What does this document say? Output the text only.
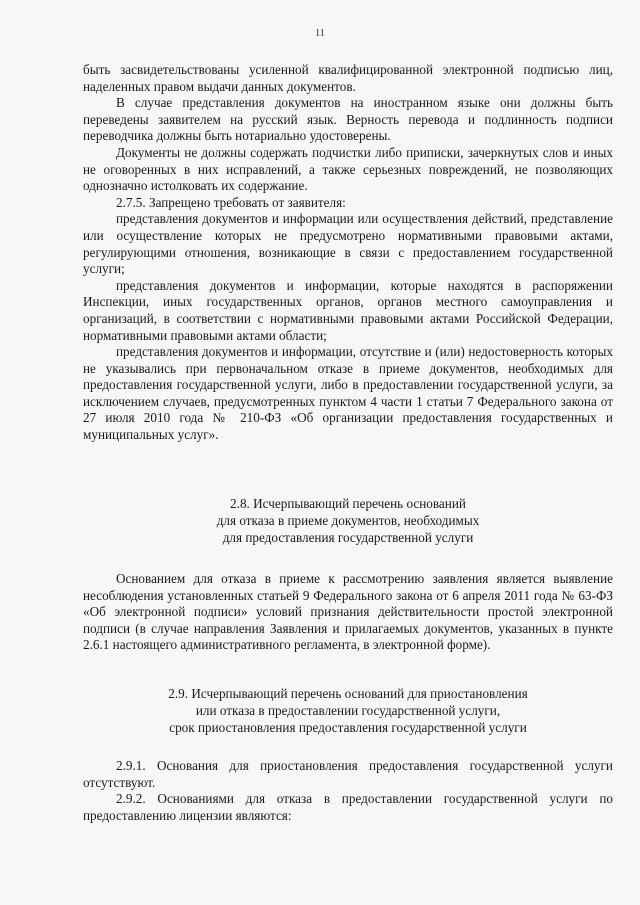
11

быть засвидетельствованы усиленной квалифицированной электронной подписью лиц, наделенных правом выдачи данных документов.

В случае представления документов на иностранном языке они должны быть переведены заявителем на русский язык. Верность перевода и подлинность подписи переводчика должны быть нотариально удостоверены.

Документы не должны содержать подчистки либо приписки, зачеркнутых слов и иных не оговоренных в них исправлений, а также серьезных повреждений, не позволяющих однозначно истолковать их содержание.

2.7.5. Запрещено требовать от заявителя:

представления документов и информации или осуществления действий, представление или осуществление которых не предусмотрено нормативными правовыми актами, регулирующими отношения, возникающие в связи с предоставлением государственной услуги;

представления документов и информации, которые находятся в распоряжении Инспекции, иных государственных органов, органов местного самоуправления и организаций, в соответствии с нормативными правовыми актами Российской Федерации, нормативными правовыми актами области;

представления документов и информации, отсутствие и (или) недостоверность которых не указывались при первоначальном отказе в приеме документов, необходимых для предоставления государственной услуги, либо в предоставлении государственной услуги, за исключением случаев, предусмотренных пунктом 4 части 1 статьи 7 Федерального закона от 27 июля 2010 года № 210-ФЗ «Об организации предоставления государственных и муниципальных услуг».

2.8. Исчерпывающий перечень оснований
для отказа в приеме документов, необходимых
для предоставления государственной услуги

Основанием для отказа в приеме к рассмотрению заявления является выявление несоблюдения установленных статьей 9 Федерального закона от 6 апреля 2011 года № 63-ФЗ «Об электронной подписи» условий признания действительности простой электронной подписи (в случае направления Заявления и прилагаемых документов, указанных в пункте 2.6.1 настоящего административного регламента, в электронной форме).

2.9. Исчерпывающий перечень оснований для приостановления
или отказа в предоставлении государственной услуги,
срок приостановления предоставления государственной услуги

2.9.1. Основания для приостановления предоставления государственной услуги отсутствуют.

2.9.2. Основаниями для отказа в предоставлении государственной услуги по предоставлению лицензии являются:
